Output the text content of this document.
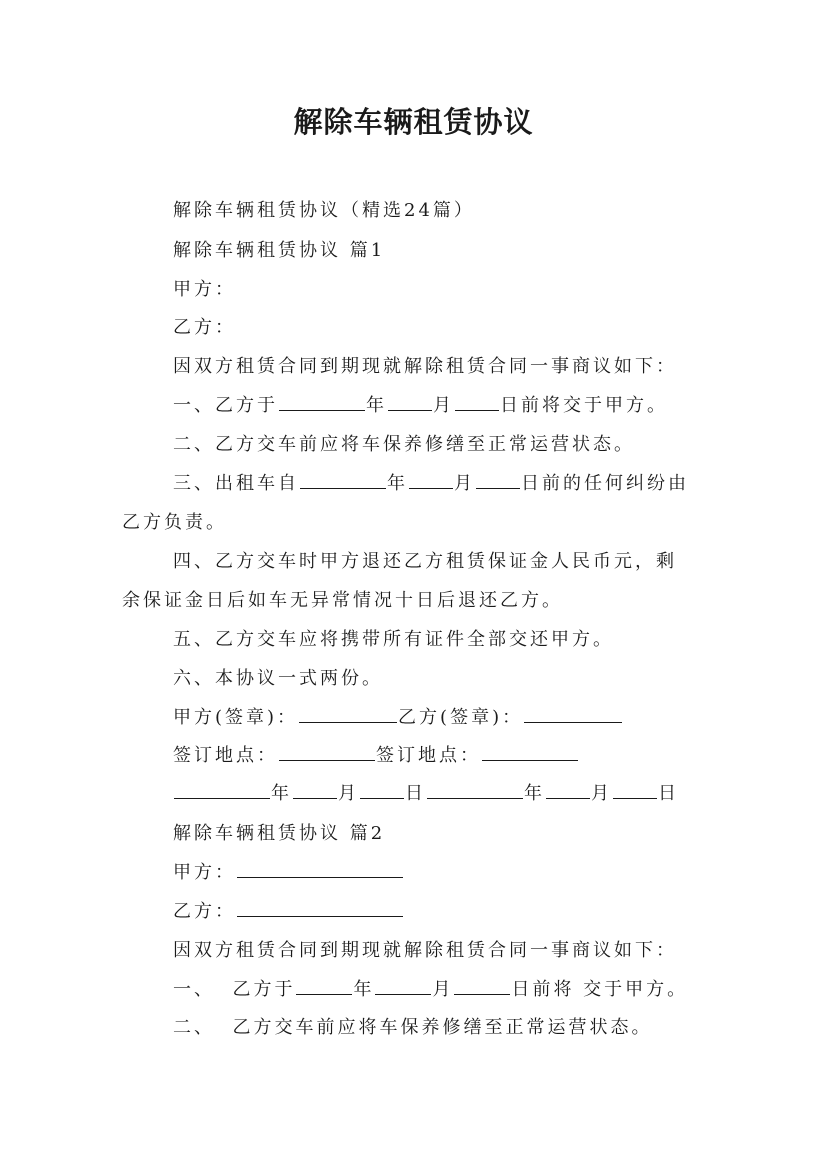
解除车辆租赁协议
解除车辆租赁协议（精选24篇）
解除车辆租赁协议 篇1
甲方：
乙方：
因双方租赁合同到期现就解除租赁合同一事商议如下：
一、乙方于	年	月	日前将交于甲方。
二、乙方交车前应将车保养修缮至正常运营状态。
三、出租车自	年	月	日前的任何纠纷由
乙方负责。
四、乙方交车时甲方退还乙方租赁保证金人民币元，剩
余保证金日后如车无异常情况十日后退还乙方。
五、乙方交车应将携带所有证件全部交还甲方。
六、本协议一式两份。
甲方(签章)：	乙方(签章)：
签订地点：	签订地点：
年	月	日	年	月	日
解除车辆租赁协议 篇2
甲方：
乙方：
因双方租赁合同到期现就解除租赁合同一事商议如下：
一、  乙方于	年	月	日前将 交于甲方。
二、  乙方交车前应将车保养修缮至正常运营状态。
